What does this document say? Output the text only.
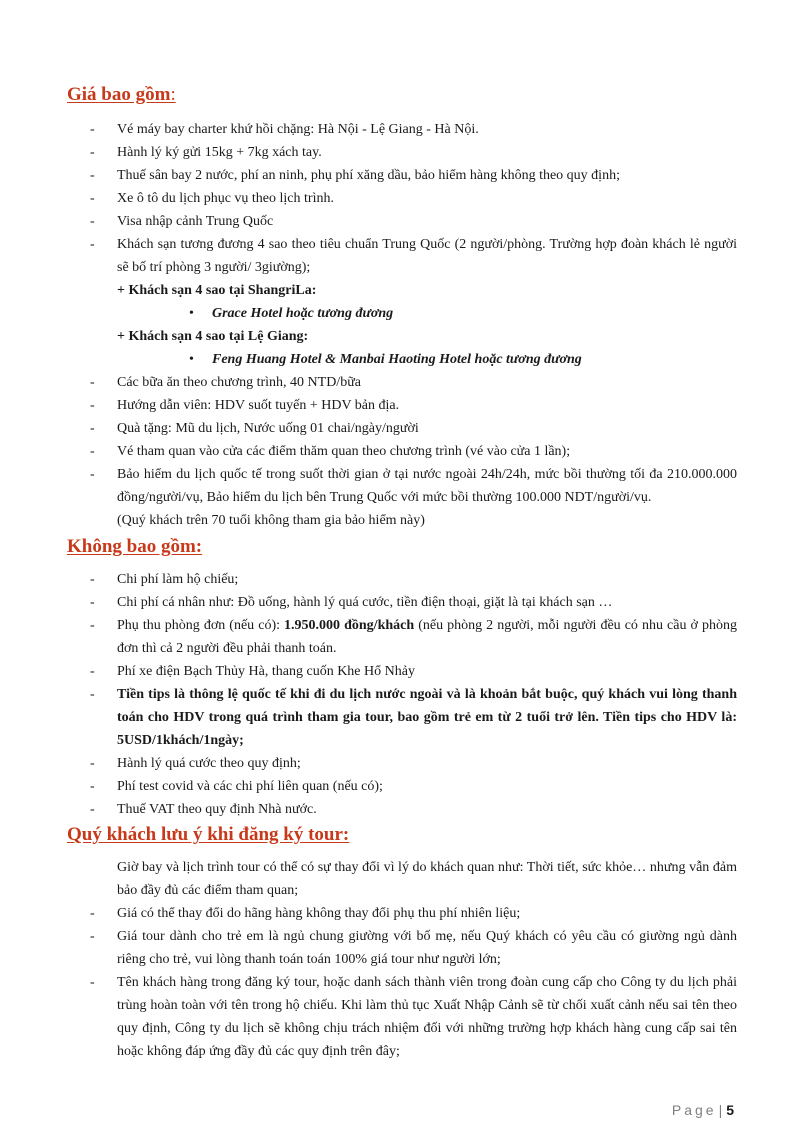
Giá bao gồm:
- Vé máy bay charter khứ hồi chặng: Hà Nội - Lệ Giang - Hà Nội.
- Hành lý ký gửi 15kg + 7kg xách tay.
- Thuế sân bay 2 nước, phí an ninh, phụ phí xăng dầu, bảo hiểm hàng không theo quy định;
- Xe ô tô du lịch phục vụ theo lịch trình.
- Visa nhập cảnh Trung Quốc
- Khách sạn tương đương 4 sao theo tiêu chuẩn Trung Quốc (2 người/phòng. Trường hợp đoàn khách lẻ người sẽ bố trí phòng 3 người/ 3giường);
+ Khách sạn 4 sao tại ShangriLa:
• Grace Hotel hoặc tương đương
+ Khách sạn 4 sao tại Lệ Giang:
• Feng Huang Hotel & Manbai Haoting Hotel hoặc tương đương
- Các bữa ăn theo chương trình, 40 NTD/bữa
- Hướng dẫn viên: HDV suốt tuyến + HDV bản địa.
- Quà tặng: Mũ du lịch, Nước uống 01 chai/ngày/người
- Vé tham quan vào cửa các điểm thăm quan theo chương trình (vé vào cửa 1 lần);
- Bảo hiểm du lịch quốc tế trong suốt thời gian ở tại nước ngoài 24h/24h, mức bồi thường tối đa 210.000.000 đồng/người/vụ, Bảo hiểm du lịch bên Trung Quốc với mức bồi thường 100.000 NDT/người/vụ.
(Quý khách trên 70 tuổi không tham gia bảo hiểm này)
Không bao gồm:
- Chi phí làm hộ chiếu;
- Chi phí cá nhân như: Đồ uống, hành lý quá cước, tiền điện thoại, giặt là tại khách sạn …
- Phụ thu phòng đơn (nếu có): 1.950.000 đồng/khách (nếu phòng 2 người, mỗi người đều có nhu cầu ở phòng đơn thì cả 2 người đều phải thanh toán.
- Phí xe điện Bạch Thủy Hà, thang cuốn Khe Hổ Nhảy
- Tiền tips là thông lệ quốc tế khi đi du lịch nước ngoài và là khoản bắt buộc, quý khách vui lòng thanh toán cho HDV trong quá trình tham gia tour, bao gồm trẻ em từ 2 tuổi trở lên. Tiền tips cho HDV là: 5USD/1khách/1ngày;
- Hành lý quá cước theo quy định;
- Phí test covid và các chi phí liên quan (nếu có);
- Thuế VAT theo quy định Nhà nước.
Quý khách lưu ý khi đăng ký tour:
Giờ bay và lịch trình tour có thể có sự thay đổi vì lý do khách quan như: Thời tiết, sức khỏe… nhưng vẫn đảm bảo đầy đủ các điểm tham quan;
- Giá có thể thay đổi do hãng hàng không thay đổi phụ thu phí nhiên liệu;
- Giá tour dành cho trẻ em là ngủ chung giường với bố mẹ, nếu Quý khách có yêu cầu có giường ngủ dành riêng cho trẻ, vui lòng thanh toán toán 100% giá tour như người lớn;
- Tên khách hàng trong đăng ký tour, hoặc danh sách thành viên trong đoàn cung cấp cho Công ty du lịch phải trùng hoàn toàn với tên trong hộ chiếu. Khi làm thủ tục Xuất Nhập Cảnh sẽ từ chối xuất cảnh nếu sai tên theo quy định, Công ty du lịch sẽ không chịu trách nhiệm đối với những trường hợp khách hàng cung cấp sai tên hoặc không đáp ứng đầy đủ các quy định trên đây;
Page | 5
